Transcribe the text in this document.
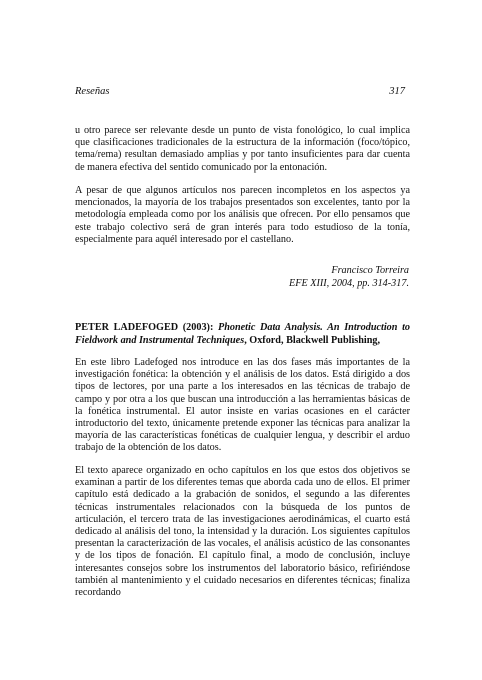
Reseñas	317

u otro parece ser relevante desde un punto de vista fonológico, lo cual implica que clasificaciones tradicionales de la estructura de la información (foco/tópico, tema/rema) resultan demasiado amplias y por tanto insuficientes para dar cuenta de manera efectiva del sentido comunicado por la entonación.

A pesar de que algunos artículos nos parecen incompletos en los aspectos ya mencionados, la mayoría de los trabajos presentados son excelentes, tanto por la metodología empleada como por los análisis que ofrecen. Por ello pensamos que este trabajo colectivo será de gran interés para todo estudioso de la tonía, especialmente para aquél interesado por el castellano.

Francisco Torreira
EFE XIII, 2004, pp. 314-317.
PETER LADEFOGED (2003): Phonetic Data Analysis. An Introduction to Fieldwork and Instrumental Techniques, Oxford, Blackwell Publishing,

En este libro Ladefoged nos introduce en las dos fases más importantes de la investigación fonética: la obtención y el análisis de los datos. Está dirigido a dos tipos de lectores, por una parte a los interesados en las técnicas de trabajo de campo y por otra a los que buscan una introducción a las herramientas básicas de la fonética instrumental. El autor insiste en varias ocasiones en el carácter introductorio del texto, únicamente pretende exponer las técnicas para analizar la mayoría de las características fonéticas de cualquier lengua, y describir el arduo trabajo de la obtención de los datos.

El texto aparece organizado en ocho capítulos en los que estos dos objetivos se examinan a partir de los diferentes temas que aborda cada uno de ellos. El primer capítulo está dedicado a la grabación de sonidos, el segundo a las diferentes técnicas instrumentales relacionados con la búsqueda de los puntos de articulación, el tercero trata de las investigaciones aerodinámicas, el cuarto está dedicado al análisis del tono, la intensidad y la duración. Los siguientes capítulos presentan la caracterización de las vocales, el análisis acústico de las consonantes y de los tipos de fonación. El capítulo final, a modo de conclusión, incluye interesantes consejos sobre los instrumentos del laboratorio básico, refiriéndose también al mantenimiento y el cuidado necesarios en diferentes técnicas; finaliza recordando
